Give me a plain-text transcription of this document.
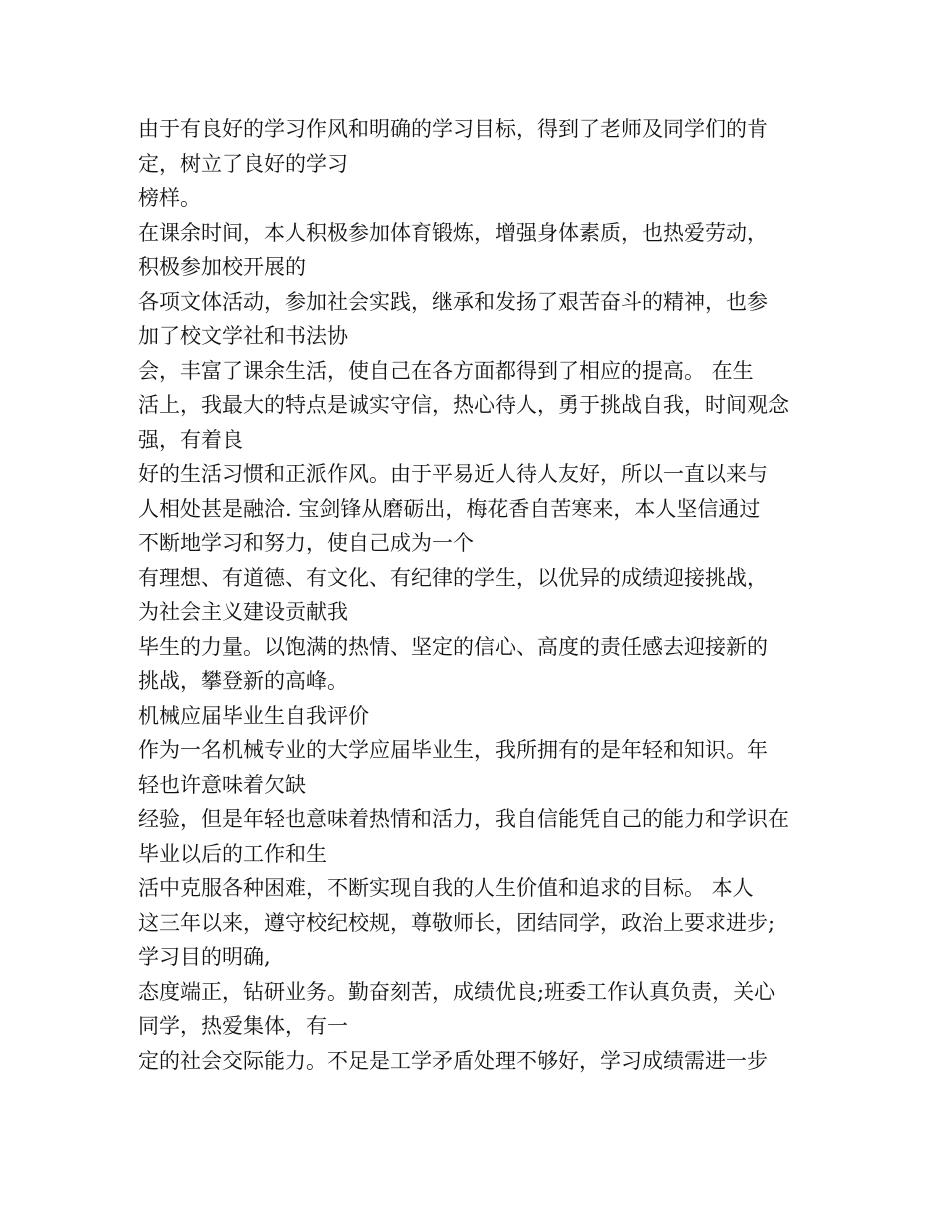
由于有良好的学习作风和明确的学习目标，得到了老师及同学们的肯
定，树立了良好的学习
榜样。
在课余时间，本人积极参加体育锻炼，增强身体素质，也热爱劳动，
积极参加校开展的
各项文体活动，参加社会实践，继承和发扬了艰苦奋斗的精神，也参
加了校文学社和书法协
会，丰富了课余生活，使自己在各方面都得到了相应的提高。 在生
活上，我最大的特点是诚实守信，热心待人，勇于挑战自我，时间观念
强，有着良
好的生活习惯和正派作风。由于平易近人待人友好，所以一直以来与
人相处甚是融洽. 宝剑锋从磨砺出，梅花香自苦寒来，本人坚信通过
不断地学习和努力，使自己成为一个
有理想、有道德、有文化、有纪律的学生，以优异的成绩迎接挑战，
为社会主义建设贡献我
毕生的力量。以饱满的热情、坚定的信心、高度的责任感去迎接新的
挑战，攀登新的高峰。
机械应届毕业生自我评价
作为一名机械专业的大学应届毕业生，我所拥有的是年轻和知识。年
轻也许意味着欠缺
经验，但是年轻也意味着热情和活力，我自信能凭自己的能力和学识在
毕业以后的工作和生
活中克服各种困难，不断实现自我的人生价值和追求的目标。 本人
这三年以来，遵守校纪校规，尊敬师长，团结同学，政治上要求进步;
学习目的明确,
态度端正，钻研业务。勤奋刻苦，成绩优良;班委工作认真负责，关心
同学，热爱集体，有一
定的社会交际能力。不足是工学矛盾处理不够好，学习成绩需进一步
